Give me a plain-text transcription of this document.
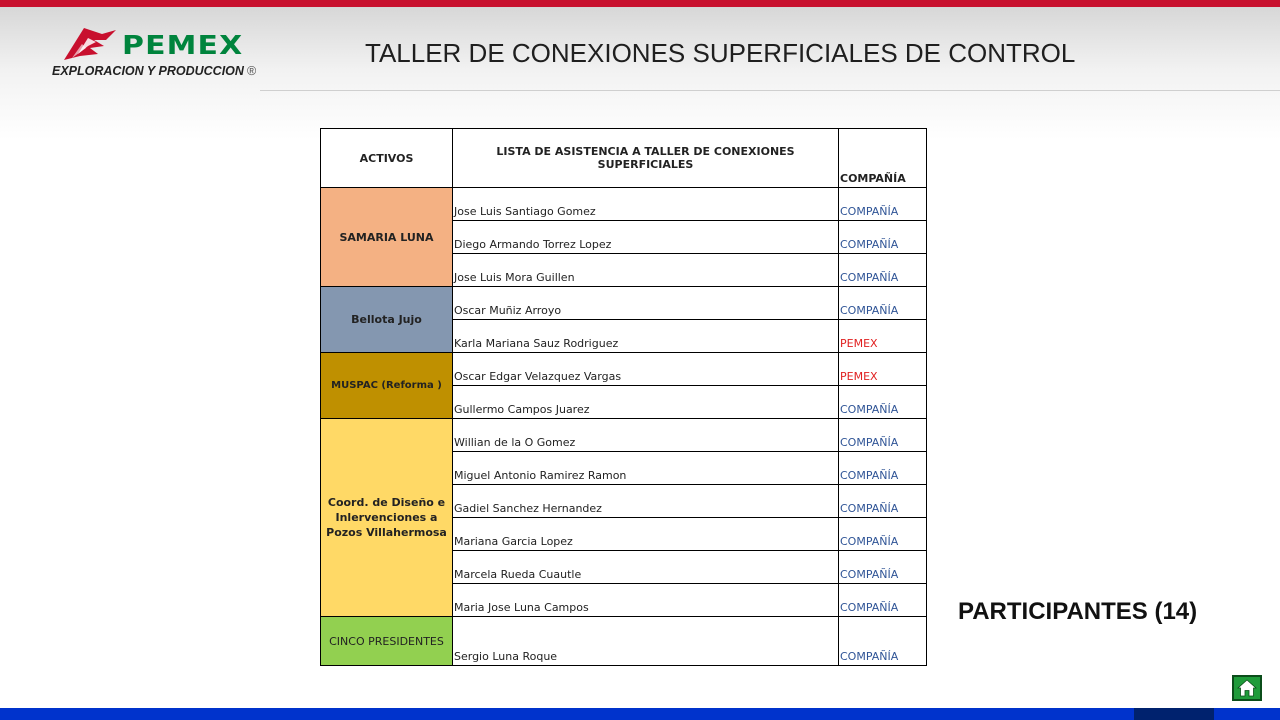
PEMEX
EXPLORACION Y PRODUCCION ®
TALLER DE CONEXIONES SUPERFICIALES DE CONTROL
ACTIVOS	LISTA DE ASISTENCIA A TALLER DE CONEXIONES SUPERFICIALES	COMPAÑÍA
SAMARIA LUNA	Jose Luis Santiago Gomez	COMPAÑÍA
	Diego Armando Torrez Lopez	COMPAÑÍA
	Jose Luis Mora Guillen	COMPAÑÍA
Bellota Jujo	Oscar Muñiz Arroyo	COMPAÑÍA
	Karla Mariana Sauz Rodriguez	PEMEX
MUSPAC (Reforma )	Oscar Edgar Velazquez Vargas	PEMEX
	Gullermo Campos Juarez	COMPAÑÍA
Coord. de Diseño e Inlervenciones a Pozos Villahermosa	Willian de la O Gomez	COMPAÑÍA
	Miguel Antonio Ramirez Ramon	COMPAÑÍA
	Gadiel Sanchez Hernandez	COMPAÑÍA
	Mariana Garcia Lopez	COMPAÑÍA
	Marcela Rueda Cuautle	COMPAÑÍA
	Maria Jose Luna Campos	COMPAÑÍA
CINCO PRESIDENTES	Sergio Luna Roque	COMPAÑÍA
PARTICIPANTES (14)
